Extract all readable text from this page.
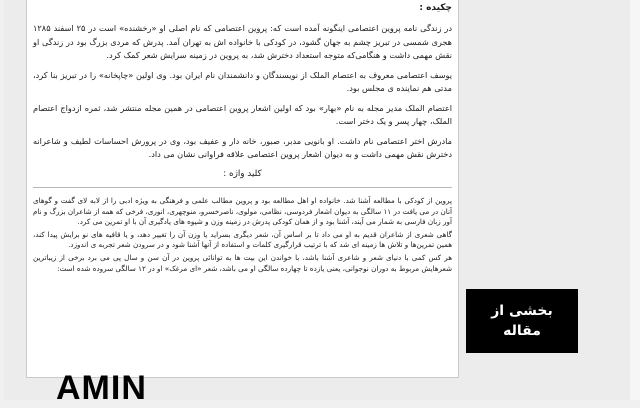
چکیده :

در زندگی نامه پروین اعتصامی اینگونه آمده است که: پروین اعتصامی که نام اصلی او «رخشنده» است در ۲۵ اسفند ۱۲۸۵ هجری شمسی در تبریز چشم به جهان گشود، در کودکی با خانواده اش به تهران آمد. پدرش که مردی بزرگ بود در زندگی او نقش مهمی داشت و هنگامی‌که متوجه استعداد دخترش شد، به پروین در زمینه سرایش شعر کمک کرد.

یوسف اعتصامی معروف به اعتصام الملک از نویسندگان و دانشمندان نام ایران بود. وی اولین «چاپخانه» را در تبریز بنا کرد، مدتی هم نماینده ی مجلس بود.

اعتصام الملک مدیر مجله به نام «بهار» بود که اولین اشعار پروین اعتصامی در همین مجله منتشر شد، ثمره ازدواج اعتصام الملک، چهار پسر و یک دختر است.

مادرش اختر اعتصامی نام داشت. او بانویی مدبر، صبور، خانه دار و عفیف بود، وی در پرورش احساسات لطیف و شاعرانه دخترش نقش مهمی داشت و به دیوان اشعار پروین اعتصامی علاقه فراوانی نشان می داد.

کلید واژه :

پروین از کودکی با مطالعه آشنا شد. خانواده او اهل مطالعه بود و پروین مطالب علمی و فرهنگی به ویژه ادبی را از لابه لای گفت و گوهای آنان در می یافت در ۱۱ سالگی به دیوان اشعار فردوسی، نظامی، مولوی، ناصرخسرو، منوچهری، انوری، فرخی که همه از شاعران بزرگ و نام آور زبان فارسی به شمار می آیند، آشنا بود و از همان کودکی پدرش در زمینه وزن و شیوه های یادگیری آن با او تمرین می کرد.

گاهی شعری از شاعران قدیم به او می داد تا بر اساس آن، شعر دیگری بسراید یا وزن آن را تغییر دهد، و یا قافیه های نو برایش پیدا کند، همین تمرین‌ها و تلاش ها زمینه ای شد که با ترتیب قرارگیری کلمات و استفاده از آنها آشنا شود و در سرودن شعر تجربه ی اندوزد.

هر کس کمی با دنیای شعر و شاعری آشنا باشد، با خواندن این بیت ها به توانائی پروین در آن سن و سال پی می برد برخی از زیباترین شعرهایش مربوط به دوران نوجوانی، یعنی یازده تا چهارده سالگی او می باشد، شعر «ای مرغک» او در ۱۲ سالگی سروده شده است:

بخشی از
مقاله
AMIN
